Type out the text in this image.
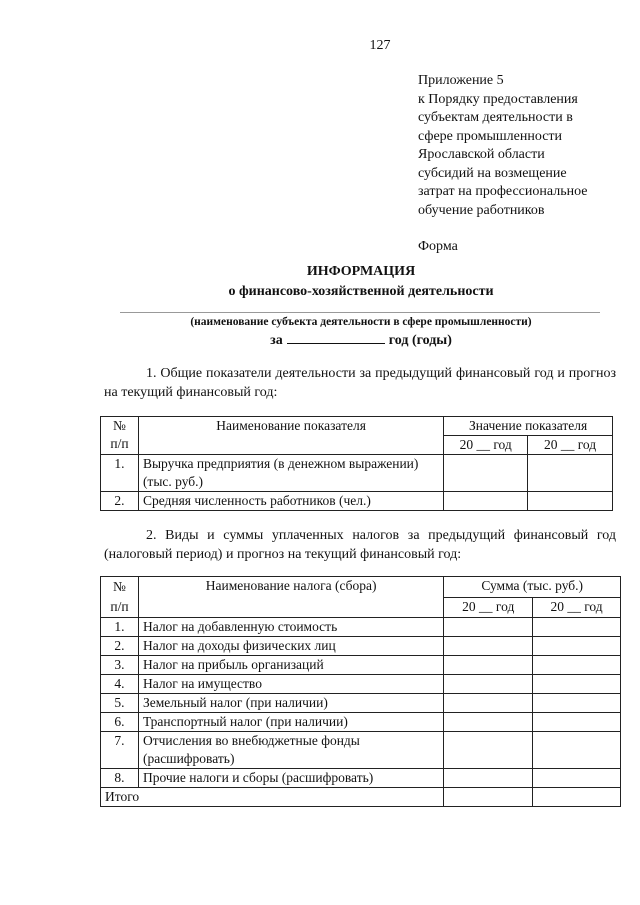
127
Приложение 5
к Порядку предоставления
субъектам деятельности в
сфере промышленности
Ярославской области
субсидий на возмещение
затрат на профессиональное
обучение работников
Форма
ИНФОРМАЦИЯ
о финансово-хозяйственной деятельности
(наименование субъекта деятельности в сфере промышленности)
за	год (годы)
1. Общие показатели деятельности за предыдущий финансовый год и прогноз на текущий финансовый год:
№
п/п	Наименование показателя	Значение показателя	
		20 __ год	20 __ год
1.	Выручка предприятия (в денежном выражении) (тыс. руб.)		
2.	Средняя численность работников (чел.)		
2. Виды и суммы уплаченных налогов за предыдущий финансовый год (налоговый период) и прогноз на текущий финансовый год:
№
п/п	Наименование налога (сбора)	Сумма (тыс. руб.)	
		20 __ год	20 __ год
1.	Налог на добавленную стоимость		
2.	Налог на доходы физических лиц		
3.	Налог на прибыль организаций		
4.	Налог на имущество		
5.	Земельный налог (при наличии)		
6.	Транспортный налог (при наличии)		
7.	Отчисления во внебюджетные фонды (расшифровать)		
8.	Прочие налоги и сборы (расшифровать)		
Итого			
